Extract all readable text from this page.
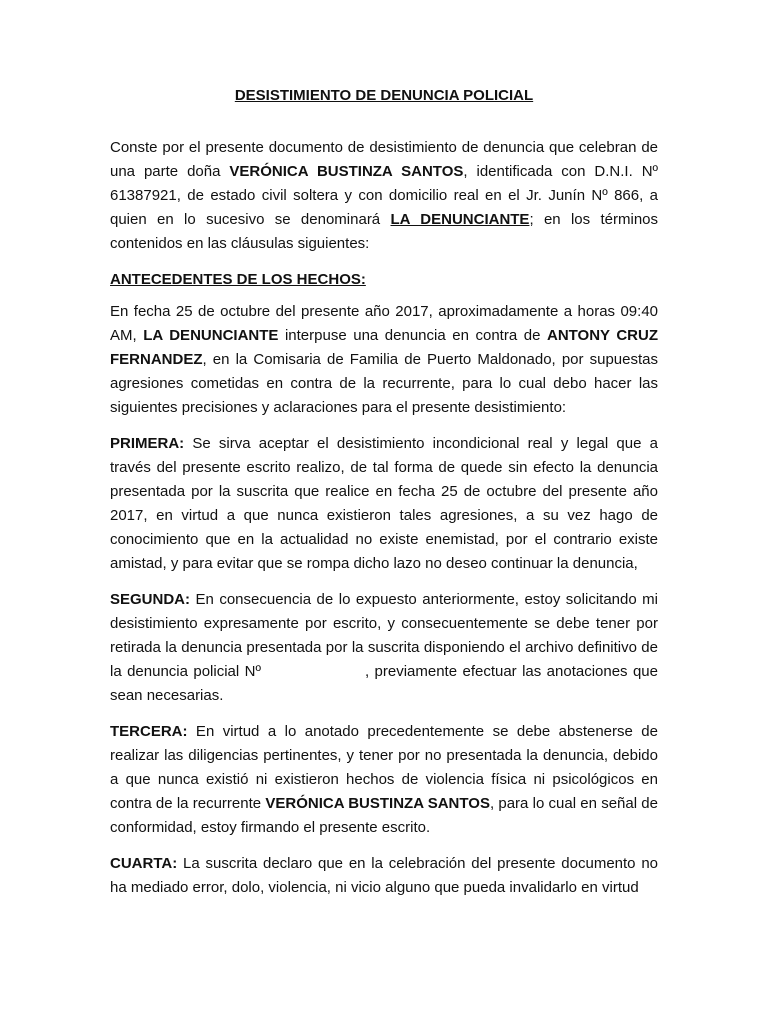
DESISTIMIENTO DE DENUNCIA POLICIAL

Conste por el presente documento de desistimiento de denuncia que celebran de una parte doña VERÓNICA BUSTINZA SANTOS, identificada con D.N.I. Nº 61387921, de estado civil soltera y con domicilio real en el Jr. Junín Nº 866, a quien en lo sucesivo se denominará LA DENUNCIANTE; en los términos contenidos en las cláusulas siguientes:

ANTECEDENTES DE LOS HECHOS:

En fecha 25 de octubre del presente año 2017, aproximadamente a horas 09:40 AM, LA DENUNCIANTE interpuse una denuncia en contra de ANTONY CRUZ FERNANDEZ, en la Comisaria de Familia de Puerto Maldonado, por supuestas agresiones cometidas en contra de la recurrente, para lo cual debo hacer las siguientes precisiones y aclaraciones para el presente desistimiento:

PRIMERA: Se sirva aceptar el desistimiento incondicional real y legal que a través del presente escrito realizo, de tal forma de quede sin efecto la denuncia presentada por la suscrita que realice en fecha 25 de octubre del presente año 2017, en virtud a que nunca existieron tales agresiones, a su vez hago de conocimiento que en la actualidad no existe enemistad, por el contrario existe amistad, y para evitar que se rompa dicho lazo no deseo continuar la denuncia,

SEGUNDA: En consecuencia de lo expuesto anteriormente, estoy solicitando mi desistimiento expresamente por escrito, y consecuentemente se debe tener por retirada la denuncia presentada por la suscrita disponiendo el archivo definitivo de la denuncia policial Nº	, previamente efectuar las anotaciones que sean necesarias.

TERCERA: En virtud a lo anotado precedentemente se debe abstenerse de realizar las diligencias pertinentes, y tener por no presentada la denuncia, debido a que nunca existió ni existieron hechos de violencia física ni psicológicos en contra de la recurrente VERÓNICA BUSTINZA SANTOS, para lo cual en señal de conformidad, estoy firmando el presente escrito.

CUARTA: La suscrita declaro que en la celebración del presente documento no ha mediado error, dolo, violencia, ni vicio alguno que pueda invalidarlo en virtud
